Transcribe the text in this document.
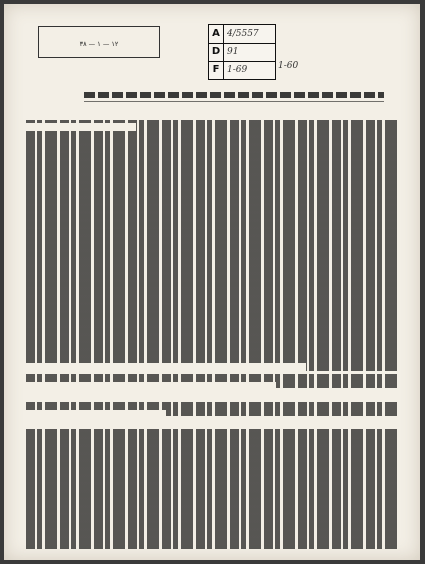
١٢ — ١ — ٣٨
A 4/5557
D 91
F 1-69	1-60
